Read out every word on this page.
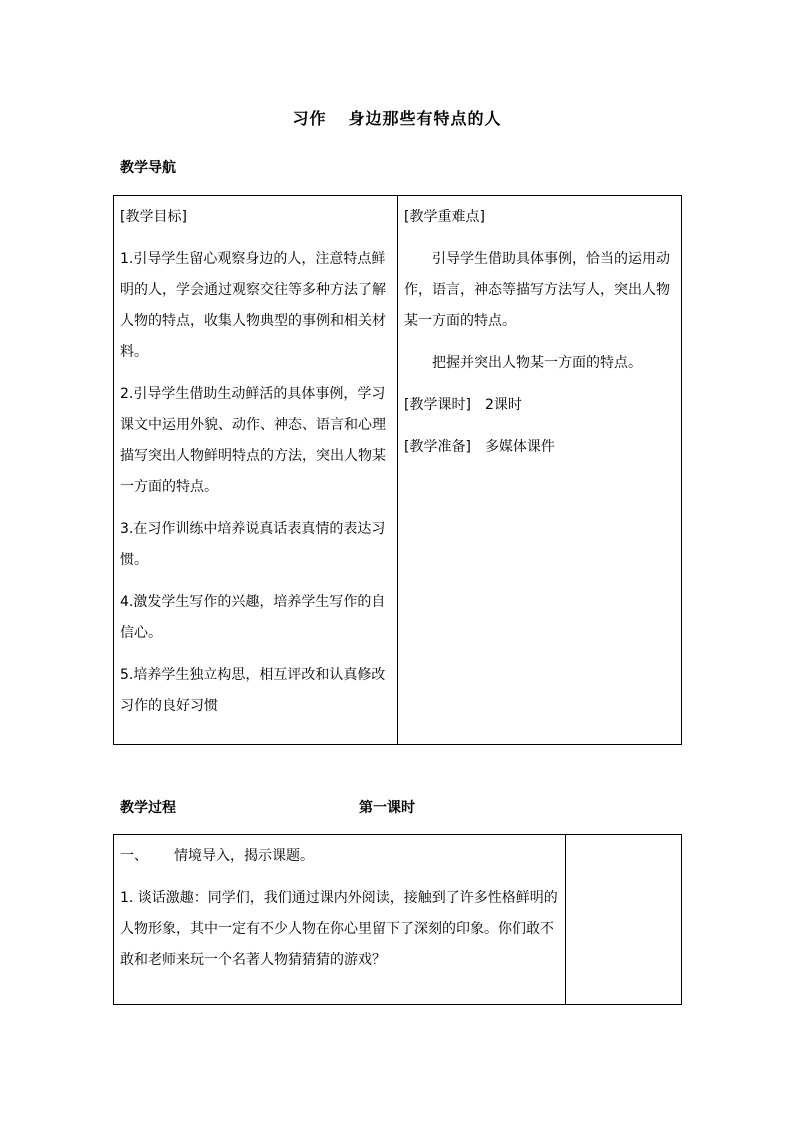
习作 身边那些有特点的人
教学导航

[教学目标]

1.引导学生留心观察身边的人，注意特点鲜明的人，学会通过观察交往等多种方法了解人物的特点，收集人物典型的事例和相关材料。

2.引导学生借助生动鲜活的具体事例，学习课文中运用外貌、动作、神态、语言和心理描写突出人物鲜明特点的方法，突出人物某一方面的特点。

3.在习作训练中培养说真话表真情的表达习惯。

4.激发学生写作的兴趣，培养学生写作的自信心。

5.培养学生独立构思，相互评改和认真修改习作的良好习惯

[教学重难点]

引导学生借助具体事例，恰当的运用动作，语言，神态等描写方法写人，突出人物某一方面的特点。

把握并突出人物某一方面的特点。

[教学课时] 2课时

[教学准备] 多媒体课件

教学过程	第一课时

一、 情境导入，揭示课题。

1. 谈话激趣：同学们，我们通过课内外阅读，接触到了许多性格鲜明的人物形象，其中一定有不少人物在你心里留下了深刻的印象。你们敢不敢和老师来玩一个名著人物猜猜猜的游戏？
